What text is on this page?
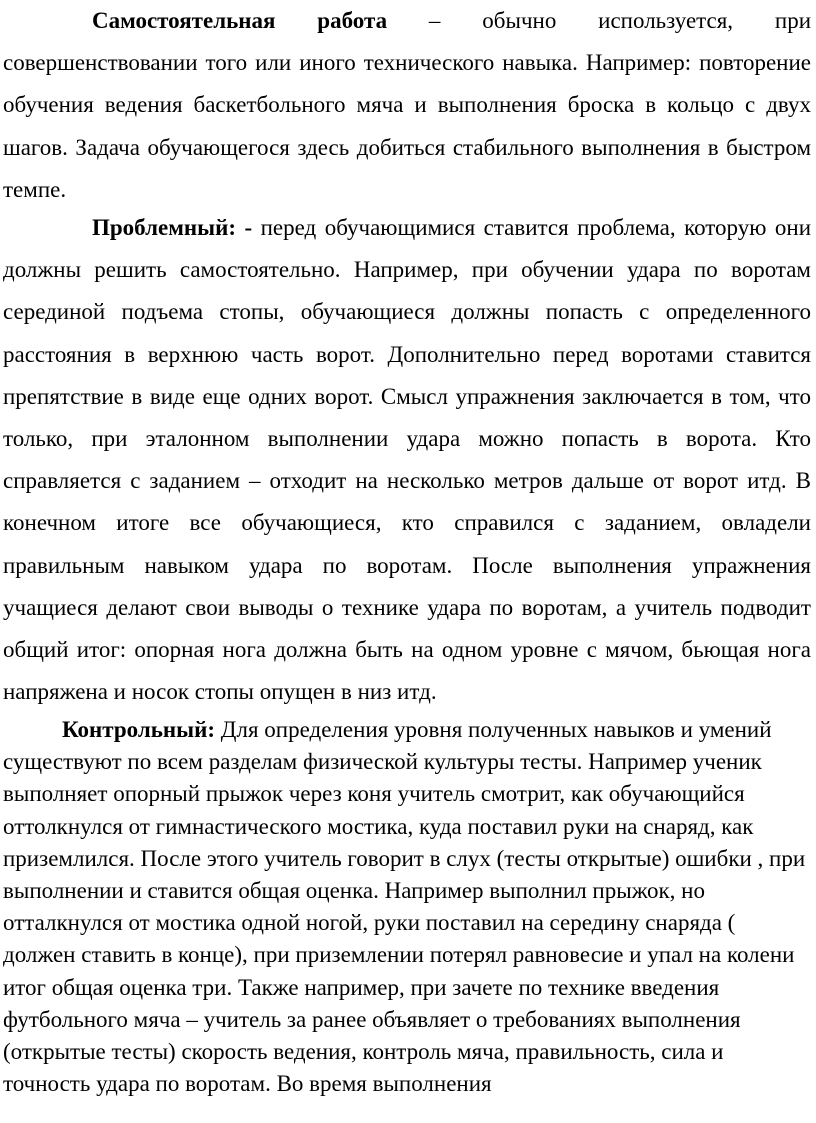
Самостоятельная работа – обычно используется, при совершенствовании того или иного технического навыка. Например: повторение обучения ведения баскетбольного мяча и выполнения броска в кольцо с двух шагов. Задача обучающегося здесь добиться стабильного выполнения в быстром темпе.

Проблемный: - перед обучающимися ставится проблема, которую они должны решить самостоятельно. Например, при обучении удара по воротам серединой подъема стопы, обучающиеся должны попасть с определенного расстояния в верхнюю часть ворот. Дополнительно перед воротами ставится препятствие в виде еще одних ворот. Смысл упражнения заключается в том, что только, при эталонном выполнении удара можно попасть в ворота. Кто справляется с заданием – отходит на несколько метров дальше от ворот итд. В конечном итоге все обучающиеся, кто справился с заданием, овладели правильным навыком удара по воротам. После выполнения упражнения учащиеся делают свои выводы о технике удара по воротам, а учитель подводит общий итог: опорная нога должна быть на одном уровне с мячом, бьющая нога напряжена и носок стопы опущен в низ итд.

Контрольный: Для определения уровня полученных навыков и умений существуют по всем разделам физической культуры тесты. Например ученик выполняет опорный прыжок через коня учитель смотрит, как обучающийся оттолкнулся от гимнастического мостика, куда поставил руки на снаряд, как приземлился. После этого учитель говорит в слух (тесты открытые) ошибки , при выполнении и ставится общая оценка. Например выполнил прыжок, но отталкнулся от мостика одной ногой, руки поставил на середину снаряда ( должен ставить в конце), при приземлении потерял равновесие и упал на колени итог общая оценка три. Также например, при зачете по технике введения футбольного мяча – учитель за ранее объявляет о требованиях выполнения (открытые тесты) скорость ведения, контроль мяча, правильность, сила и точность удара по воротам. Во время выполнения
